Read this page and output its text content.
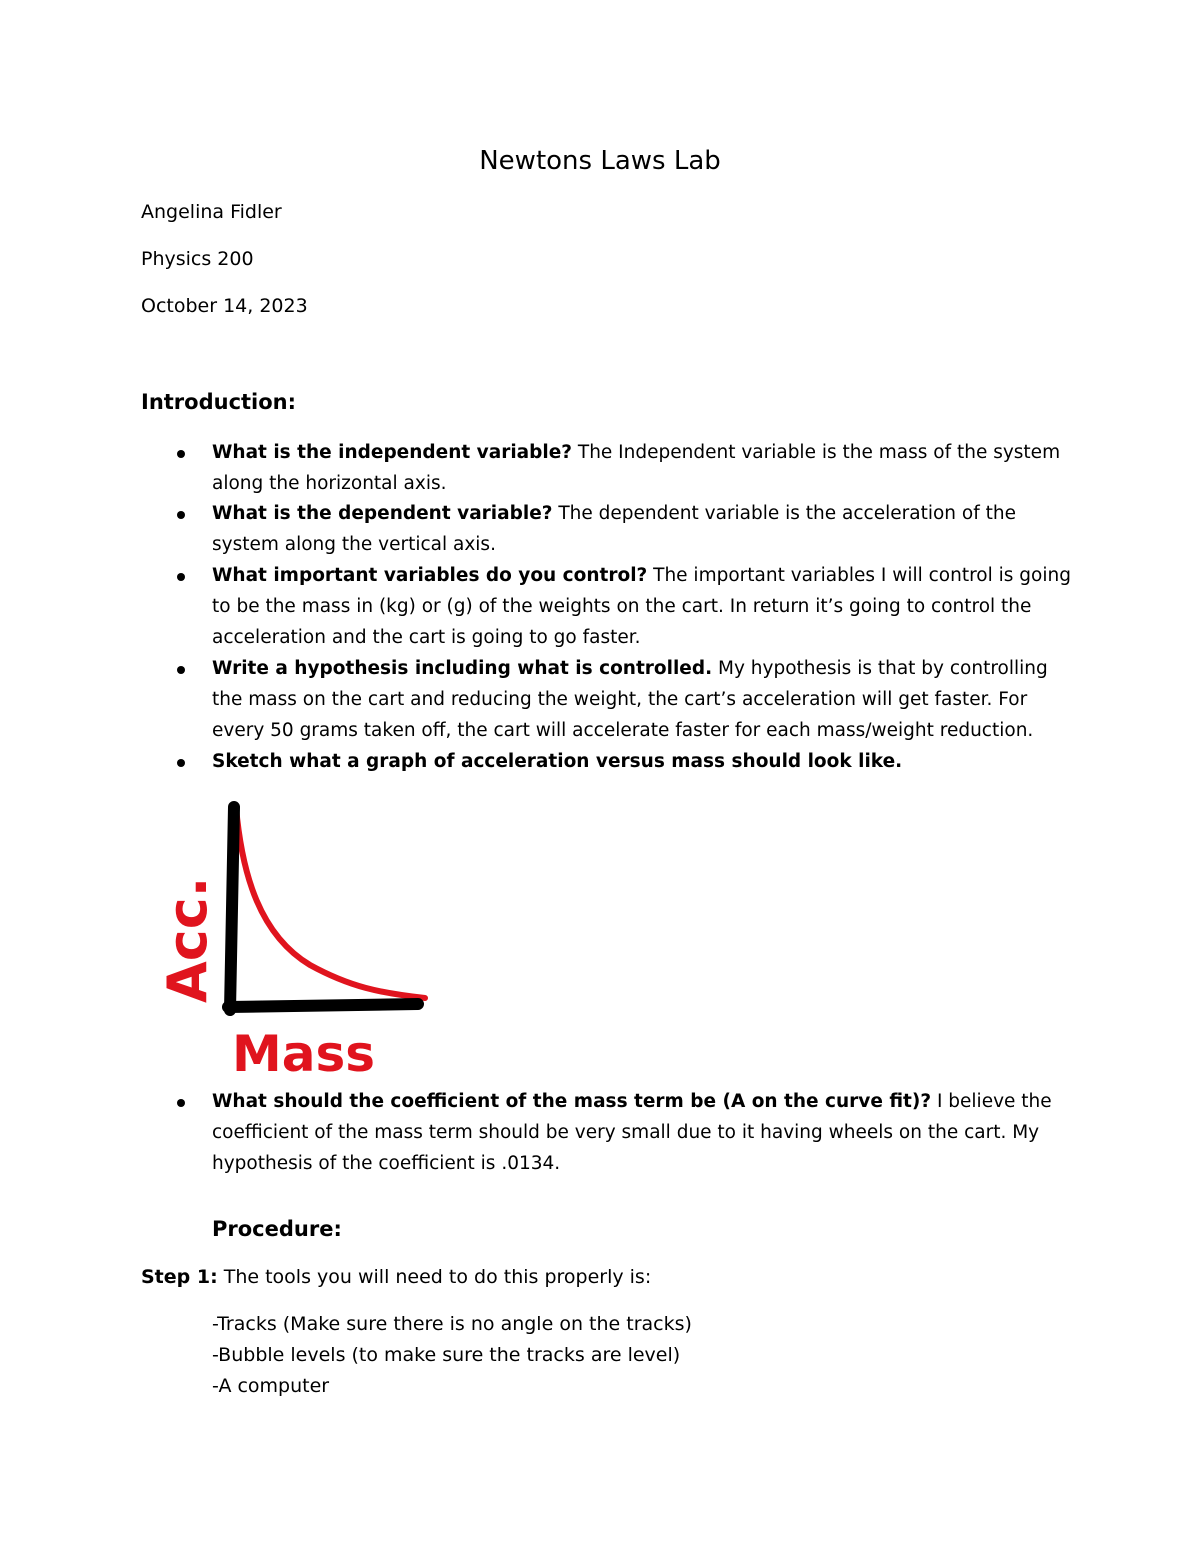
Newtons Laws Lab
Angelina Fidler
Physics 200
October 14, 2023
Introduction:
What is the independent variable? The Independent variable is the mass of the system along the horizontal axis.
What is the dependent variable? The dependent variable is the acceleration of the system along the vertical axis.
What important variables do you control? The important variables I will control is going to be the mass in (kg) or (g) of the weights on the cart. In return it’s going to control the acceleration and the cart is going to go faster.
Write a hypothesis including what is controlled. My hypothesis is that by controlling the mass on the cart and reducing the weight, the cart’s acceleration will get faster. For every 50 grams taken off, the cart will accelerate faster for each mass/weight reduction.
Sketch what a graph of acceleration versus mass should look like.
What should the coefficient of the mass term be (A on the curve fit)? I believe the coefficient of the mass term should be very small due to it having wheels on the cart. My hypothesis of the coefficient is .0134.
Acc.
Mass
Procedure:
Step 1: The tools you will need to do this properly is:
-Tracks (Make sure there is no angle on the tracks)
-Bubble levels (to make sure the tracks are level)
-A computer
